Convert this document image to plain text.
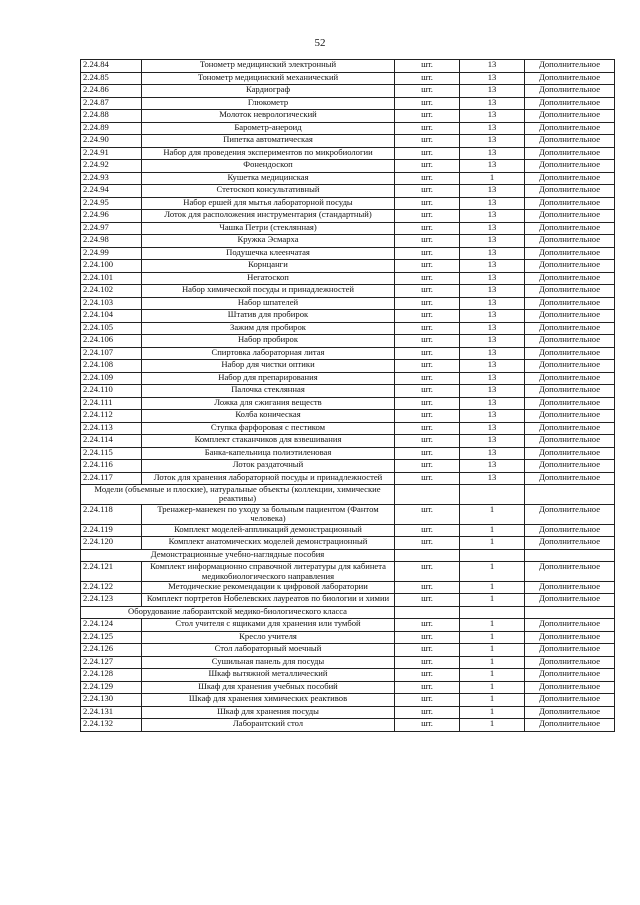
52
2.24.84	Тонометр медицинский электронный	шт.	13	Дополнительное
2.24.85	Тонометр медицинский механический	шт.	13	Дополнительное
2.24.86	Кардиограф	шт.	13	Дополнительное
2.24.87	Глюкометр	шт.	13	Дополнительное
2.24.88	Молоток неврологический	шт.	13	Дополнительное
2.24.89	Барометр-анероид	шт.	13	Дополнительное
2.24.90	Пипетка автоматическая	шт.	13	Дополнительное
2.24.91	Набор для проведения экспериментов по микробиологии	шт.	13	Дополнительное
2.24.92	Фонендоскоп	шт.	13	Дополнительное
2.24.93	Кушетка медицинская	шт.	1	Дополнительное
2.24.94	Стетоскоп консультативный	шт.	13	Дополнительное
2.24.95	Набор ершей для мытья лабораторной посуды	шт.	13	Дополнительное
2.24.96	Лоток для расположения инструментария (стандартный)	шт.	13	Дополнительное
2.24.97	Чашка Петри (стеклянная)	шт.	13	Дополнительное
2.24.98	Кружка Эсмарха	шт.	13	Дополнительное
2.24.99	Подушечка клеенчатая	шт.	13	Дополнительное
2.24.100	Корнцанги	шт.	13	Дополнительное
2.24.101	Негатоскоп	шт.	13	Дополнительное
2.24.102	Набор химической посуды и принадлежностей	шт.	13	Дополнительное
2.24.103	Набор шпателей	шт.	13	Дополнительное
2.24.104	Штатив для пробирок	шт.	13	Дополнительное
2.24.105	Зажим для пробирок	шт.	13	Дополнительное
2.24.106	Набор пробирок	шт.	13	Дополнительное
2.24.107	Спиртовка лабораторная литая	шт.	13	Дополнительное
2.24.108	Набор для чистки оптики	шт.	13	Дополнительное
2.24.109	Набор для препарирования	шт.	13	Дополнительное
2.24.110	Палочка стеклянная	шт.	13	Дополнительное
2.24.111	Ложка для сжигания веществ	шт.	13	Дополнительное
2.24.112	Колба коническая	шт.	13	Дополнительное
2.24.113	Ступка фарфоровая с пестиком	шт.	13	Дополнительное
2.24.114	Комплект стаканчиков для взвешивания	шт.	13	Дополнительное
2.24.115	Банка-капельница полиэтиленовая	шт.	13	Дополнительное
2.24.116	Лоток раздаточный	шт.	13	Дополнительное
2.24.117	Лоток для хранения лабораторной посуды и принадлежностей	шт.	13	Дополнительное
Модели (объемные и плоские), натуральные объекты (коллекции, химические реактивы)				
2.24.118	Тренажер-манекен по уходу за больным пациентом (Фантом человека)	шт.	1	Дополнительное
2.24.119	Комплект моделей-аппликаций демонстрационный	шт.	1	Дополнительное
2.24.120	Комплект анатомических моделей демонстрационный	шт.	1	Дополнительное
Демонстрационные учебно-наглядные пособия				
2.24.121	Комплект информационно справочной литературы для кабинета медикобиологического направления	шт.	1	Дополнительное
2.24.122	Методические рекомендации к цифровой лаборатории	шт.	1	Дополнительное
2.24.123	Комплект портретов Нобелевских лауреатов по биологии и химии	шт.	1	Дополнительное
Оборудование лаборантской медико-биологического класса				
2.24.124	Стол учителя с ящиками для хранения или тумбой	шт.	1	Дополнительное
2.24.125	Кресло учителя	шт.	1	Дополнительное
2.24.126	Стол лабораторный моечный	шт.	1	Дополнительное
2.24.127	Сушильная панель для посуды	шт.	1	Дополнительное
2.24.128	Шкаф вытяжной металлический	шт.	1	Дополнительное
2.24.129	Шкаф для хранения учебных пособий	шт.	1	Дополнительное
2.24.130	Шкаф для хранения химических реактивов	шт.	1	Дополнительное
2.24.131	Шкаф для хранения посуды	шт.	1	Дополнительное
2.24.132	Лаборантский стол	шт.	1	Дополнительное
